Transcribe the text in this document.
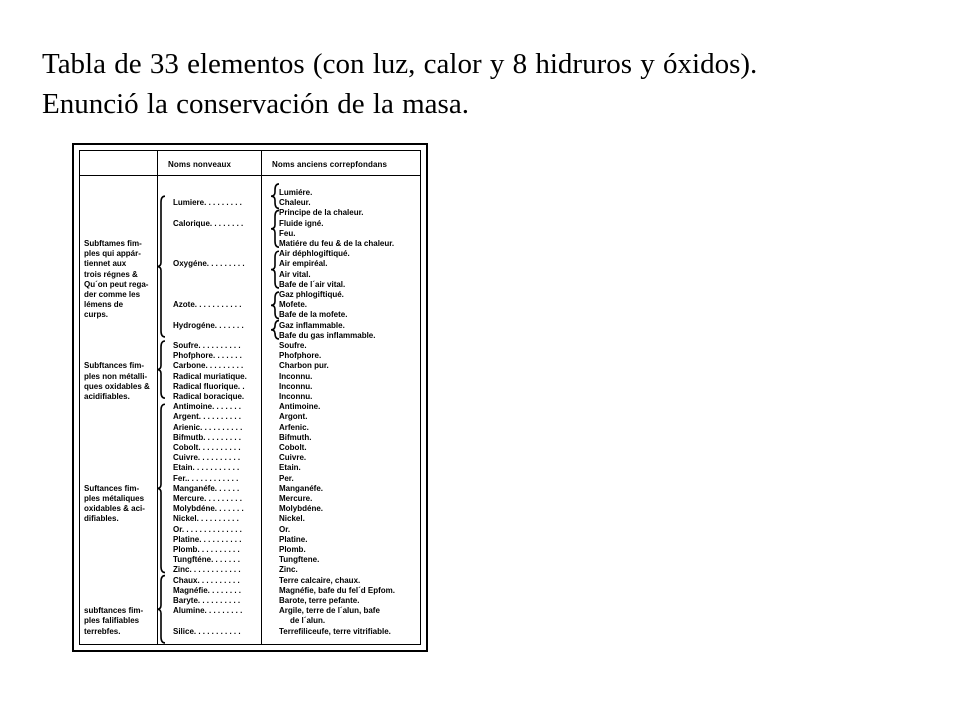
Tabla de 33 elementos (con luz, calor y 8 hidruros y óxidos).
Enunció la conservación de la masa.
Noms nonveaux	Noms anciens correpfondans
Lumiére.
Chaleur.
Principe de la chaleur.
Fluide igné.
Feu.
Matiére du feu & de la chaleur.
Air déphlogiftiqué.
Air empiréal.
Air vital.
Bafe de l´air vital.
Gaz phlogiftiqué.
Mofete.
Bafe de la mofete.
Gaz inflammable.
Bafe du gas inflammable.
Soufre.
Phofphore.
Charbon pur.
Inconnu.
Inconnu.
Inconnu.
Antimoine.
Argont.
Arfenic.
Bifmuth.
Cobolt.
Cuivre.
Etain.
Per.
Manganéfe.
Mercure.
Molybdéne.
Nickel.
Or.
Platine.
Plomb.
Tungftene.
Zinc.
Terre calcaire, chaux.
Magnéfie, bafe du fel´d Epfom.
Barote, terre pefante.
Argile, terre de l´alun, bafe
de l´alun.
Terrefiliceufe, terre vitrifiable.
Lumiere. . . . . . . . .
Calorique. . . . . . . .
Oxygéne. . . . . . . . .
Azote. . . . . . . . . . .
Hydrogéne. . . . . . .
Soufre. . . . . . . . . .
Phofphore. . . . . . .
Carbone. . . . . . . . .
Radical muriatique.
Radical fluorique. .
Radical boracique.
Antimoine. . . . . . .
Argent. . . . . . . . . .
Arienic. . . . . . . . . .
Bifmutb. . . . . . . . .
Cobolt. . . . . . . . . .
Cuivre. . . . . . . . . .
Etain. . . . . . . . . . .
Fer.. . . . . . . . . . . .
Manganéfe. . . . . .
Mercure. . . . . . . . .
Molybdéne. . . . . . .
Nickel. . . . . . . . . .
Or. . . . . . . . . . . . . .
Platine. . . . . . . . . .
Plomb. . . . . . . . . .
Tungfténe. . . . . . .
Zinc. . . . . . . . . . . .
Chaux. . . . . . . . . .
Magnéfie. . . . . . . .
Baryte. . . . . . . . . .
Alumine. . . . . . . . .
Silice. . . . . . . . . . .
Subftames fim-
ples qui appár-
tiennet aux
trois régnes &
Qu´on peut rega-
der comme les
lémens de
curps.
Subftances fim-
ples non métalli-
ques oxidables &
acidifiables.
Suftances fim-
ples métaliques
oxidables & aci-
difiables.
subftances fim-
ples falifiables
terrebfes.
